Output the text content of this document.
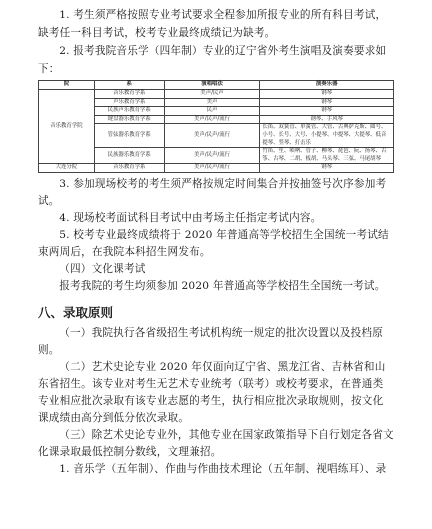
1. 考生须严格按照专业考试要求全程参加所报专业的所有科目考试，缺考任一科目考试，校考专业最终成绩记为缺考。

2. 报考我院音乐学（四年制）专业的辽宁省外考生演唱及演奏要求如下：

院	系	演唱唱法	演奏乐器
音乐教育学院	音乐教育学系	美声/民声	钢琴
	声乐教育学系	美声	钢琴
	民族声乐教育学系	民声	钢琴
	键盘器乐教育学系	美声/民声/流行	钢琴、手风琴
	管弦器乐教育学系	美声/民声/流行	长笛、双簧管、单簧管、大管、古典萨克斯、圆号、小号、长号、大号、小提琴、中提琴、大提琴、低音提琴、竖琴、打击乐
	民族器乐教育学系	美声/民声/流行	竹笛、笙、唢呐、管子、柳琴、琵琶、阮、扬琴、古筝、古琴、二胡、板胡、马头琴、三弦、马尾胡琴
大连分院	音乐教育学系	美声/民声/流行	钢琴

3. 参加现场校考的考生须严格按规定时间集合并按抽签号次序参加考试。

4. 现场校考面试科目考试中由考场主任指定考试内容。

5. 校考专业最终成绩将于 2020 年普通高等学校招生全国统一考试结束两周后，在我院本科招生网发布。

（四）文化课考试

报考我院的考生均须参加 2020 年普通高等学校招生全国统一考试。

八、录取原则

（一）我院执行各省级招生考试机构统一规定的批次设置以及投档原则。

（二）艺术史论专业 2020 年仅面向辽宁省、黑龙江省、吉林省和山东省招生。该专业对考生无艺术专业统考（联考）或校考要求，在普通类专业相应批次录取有该专业志愿的考生，执行相应批次录取规则，按文化课成绩由高分到低分依次录取。

（三）除艺术史论专业外，其他专业在国家政策指导下自行划定各省文化课录取最低控制分数线，文理兼招。

1. 音乐学（五年制）、作曲与作曲技术理论（五年制、视唱练耳）、录
